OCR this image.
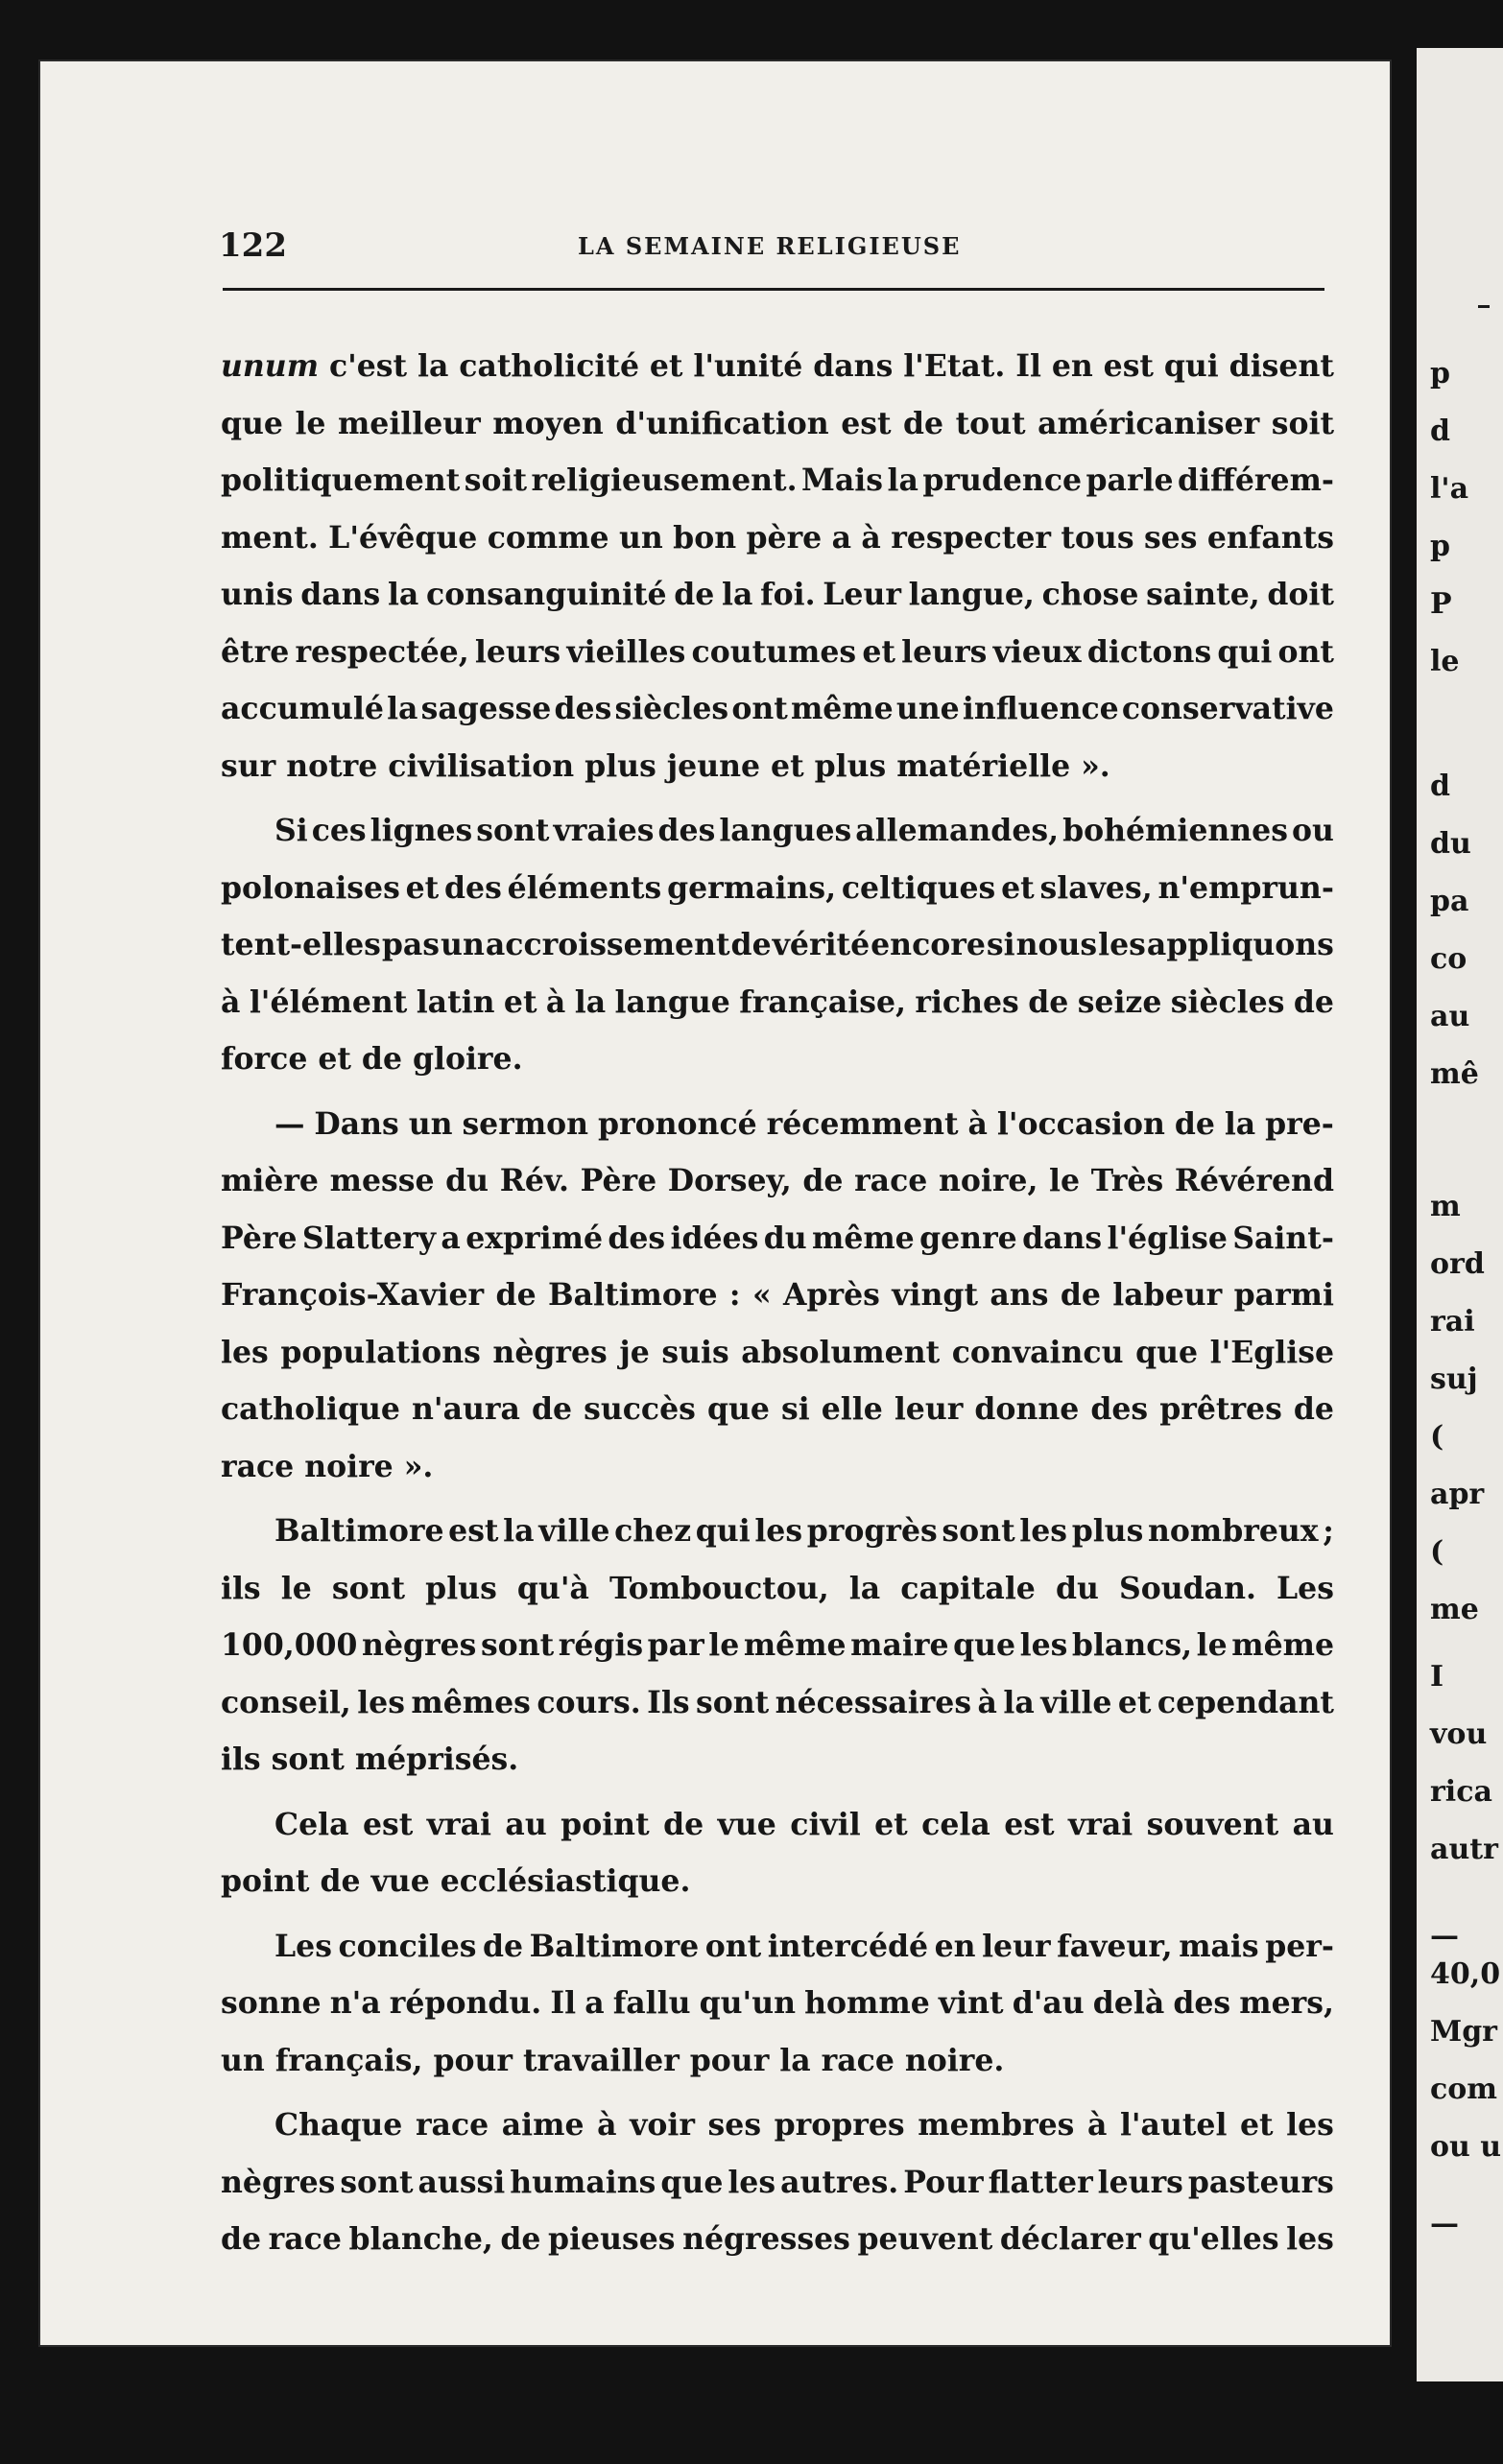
122	LA SEMAINE RELIGIEUSE
unum c'est la catholicité et l'unité dans l'Etat. Il en est qui disent
que le meilleur moyen d'unification est de tout américaniser soit
politiquement soit religieusement. Mais la prudence parle différem-
ment. L'évêque comme un bon père a à respecter tous ses enfants
unis dans la consanguinité de la foi. Leur langue, chose sainte, doit
être respectée, leurs vieilles coutumes et leurs vieux dictons qui ont
accumulé la sagesse des siècles ont même une influence conservative
sur
notre
civilisation
plus
jeune
et
plus
matérielle
».
Si ces lignes sont vraies des langues allemandes, bohémiennes ou
polonaises et des éléments germains, celtiques et slaves, n'emprun-
tent-elles pas un accroissement de vérité encore si nous les appliquons
à l'élément latin et à la langue française, riches de seize siècles de
force
et
de
gloire.
— Dans un sermon prononcé récemment à l'occasion de la pre-
mière messe du Rév. Père Dorsey, de race noire, le Très Révérend
Père Slattery a exprimé des idées du même genre dans l'église Saint-
François-Xavier de Baltimore : « Après vingt ans de labeur parmi
les populations nègres je suis absolument convaincu que l'Eglise
catholique n'aura de succès que si elle leur donne des prêtres de
race
noire
».
Baltimore est la ville chez qui les progrès sont les plus nombreux ;
ils le sont plus qu'à Tombouctou, la capitale du Soudan. Les
100,000 nègres sont régis par le même maire que les blancs, le même
conseil, les mêmes cours. Ils sont nécessaires à la ville et cependant
ils
sont
méprisés.
Cela est vrai au point de vue civil et cela est vrai souvent au
point
de
vue
ecclésiastique.
Les conciles de Baltimore ont intercédé en leur faveur, mais per-
sonne n'a répondu. Il a fallu qu'un homme vint d'au delà des mers,
un
français,
pour
travailler
pour
la
race
noire.
Chaque race aime à voir ses propres membres à l'autel et les
nègres sont aussi humains que les autres. Pour flatter leurs pasteurs
de race blanche, de pieuses négresses peuvent déclarer qu'elles les
p
d
l'a
p
P
le
d
du
pa
co
au
mê
m
ord
rai
suj
(
apr
(
me
I
vou
rica
autr
—
40,0
Mgr
com
ou u
—
